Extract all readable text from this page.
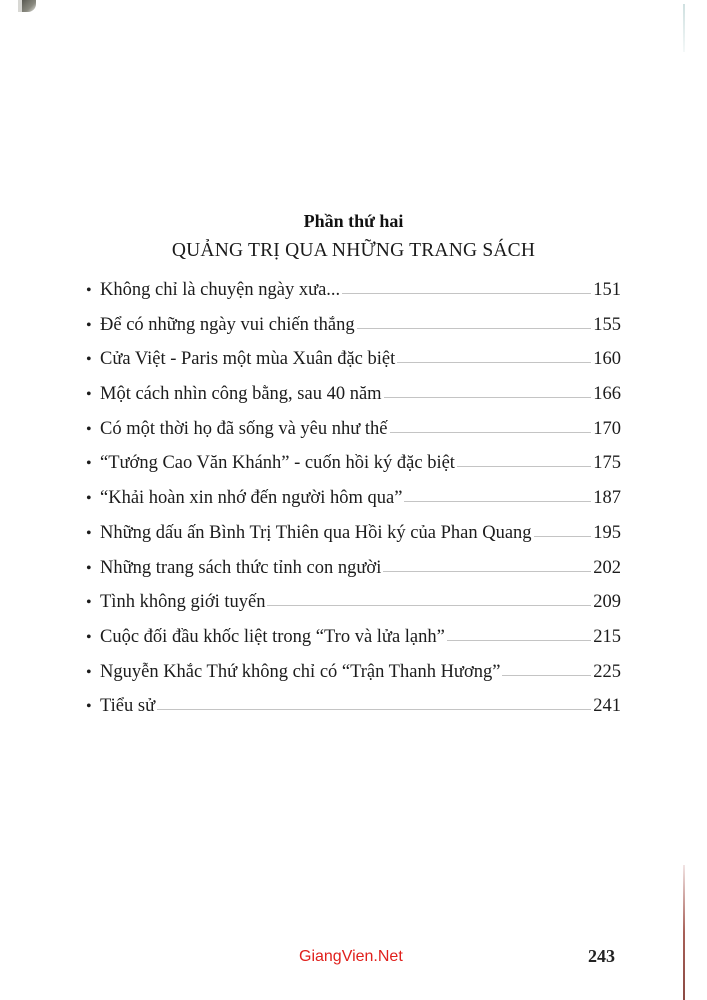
Phần thứ hai
QUẢNG TRỊ QUA NHỮNG TRANG SÁCH
• Không chỉ là chuyện ngày xưa...	151
• Để có những ngày vui chiến thắng	155
• Cửa Việt - Paris một mùa Xuân đặc biệt	160
• Một cách nhìn công bằng, sau 40 năm	166
• Có một thời họ đã sống và yêu như thế	170
• “Tướng Cao Văn Khánh” - cuốn hồi ký đặc biệt	175
• “Khải hoàn xin nhớ đến người hôm qua”	187
• Những dấu ấn Bình Trị Thiên qua Hồi ký của Phan Quang	195
• Những trang sách thức tỉnh con người	202
• Tình không giới tuyến	209
• Cuộc đối đầu khốc liệt trong “Tro và lửa lạnh”	215
• Nguyễn Khắc Thứ không chỉ có “Trận Thanh Hương”	225
• Tiểu sử	241
GiangVien.Net	243
